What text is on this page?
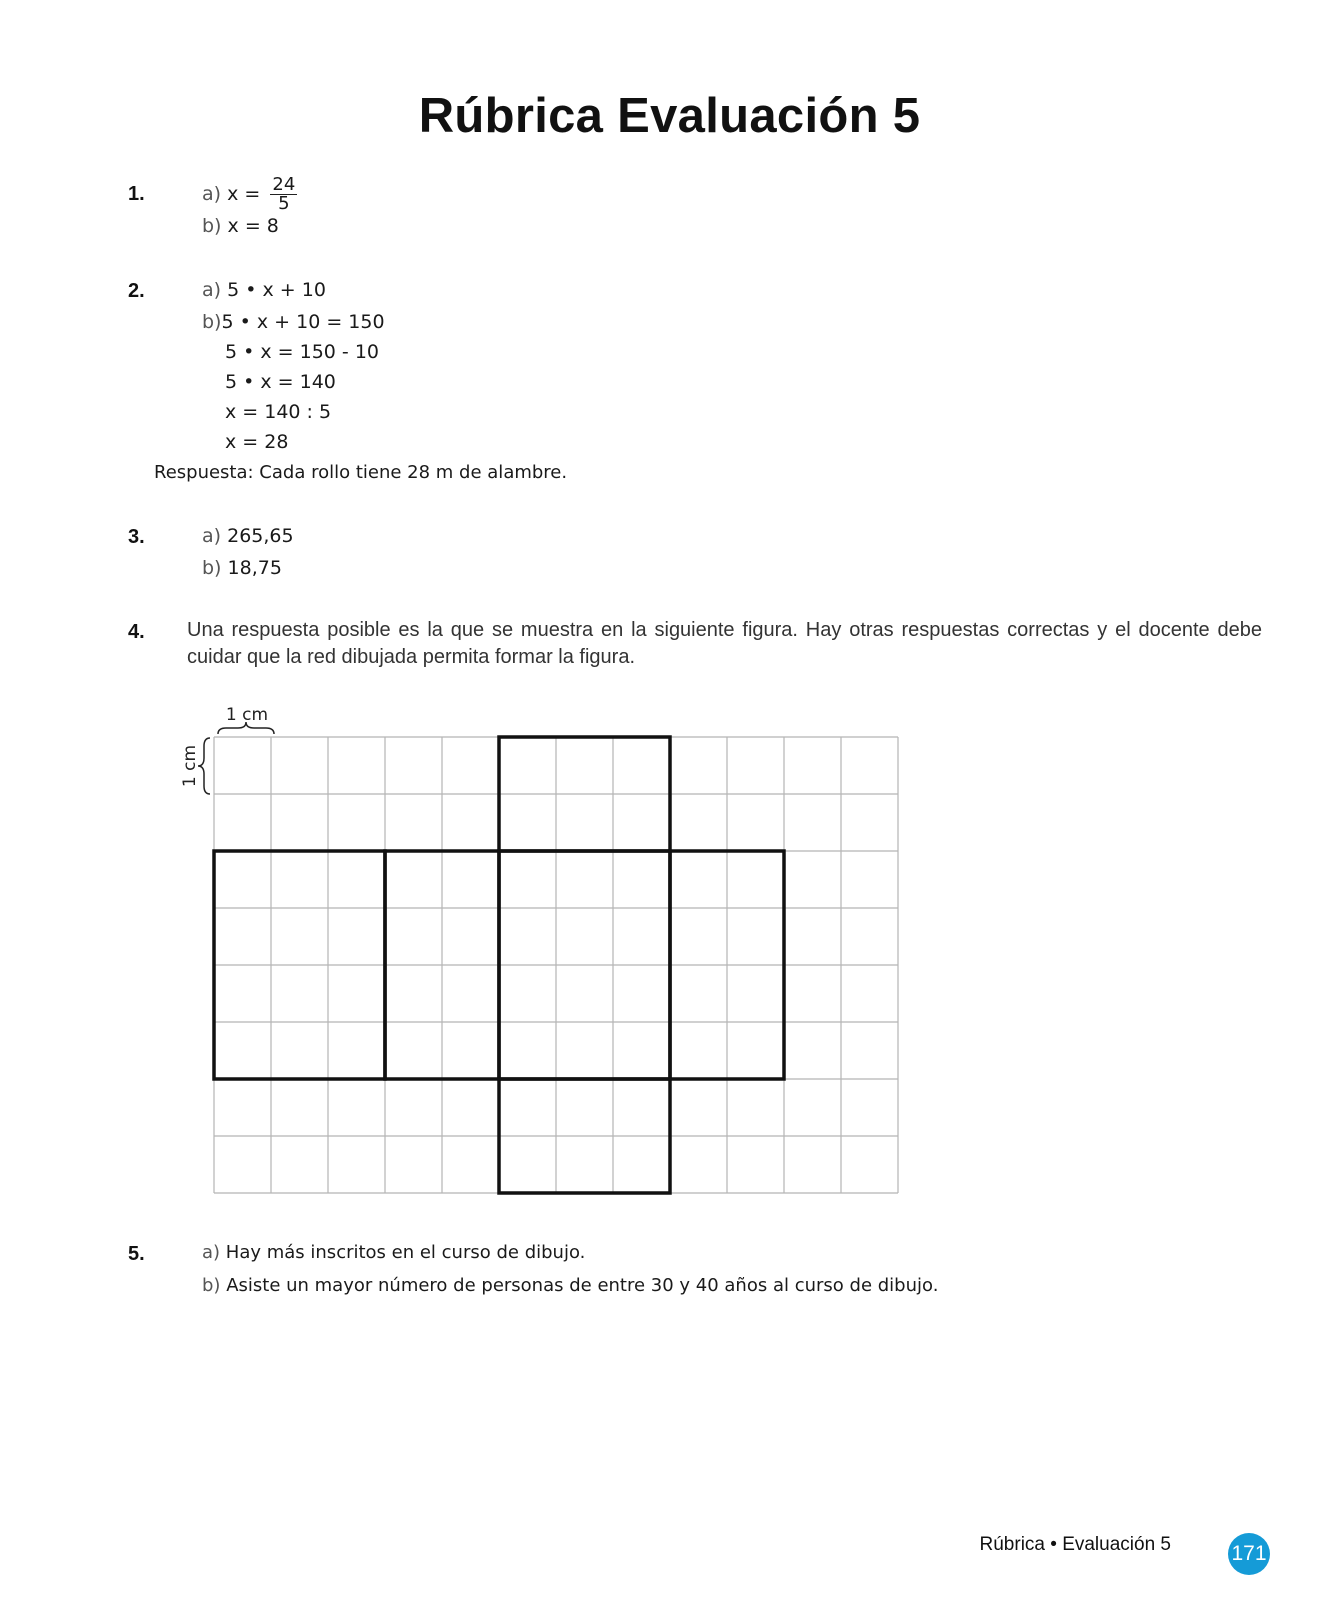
Rúbrica Evaluación 5
1.	a) $x = \frac{24}{5}$
b) x = 8
2.	a) 5 • x + 10
b)5 • x + 10 = 150
5 • x = 150 - 10
5 • x = 140
x = 140 : 5
x = 28
Respuesta: Cada rollo tiene 28 m de alambre.
3.	a) 265,65
b) 18,75
4. Una respuesta posible es la que se muestra en la siguiente figura. Hay otras respuestas correctas y el docente debe cuidar que la red dibujada permita formar la figura.
1 cm
1 cm
5.	a) Hay más inscritos en el curso de dibujo.
b) Asiste un mayor número de personas de entre 30 y 40 años al curso de dibujo.
Rúbrica • Evaluación 5	171
